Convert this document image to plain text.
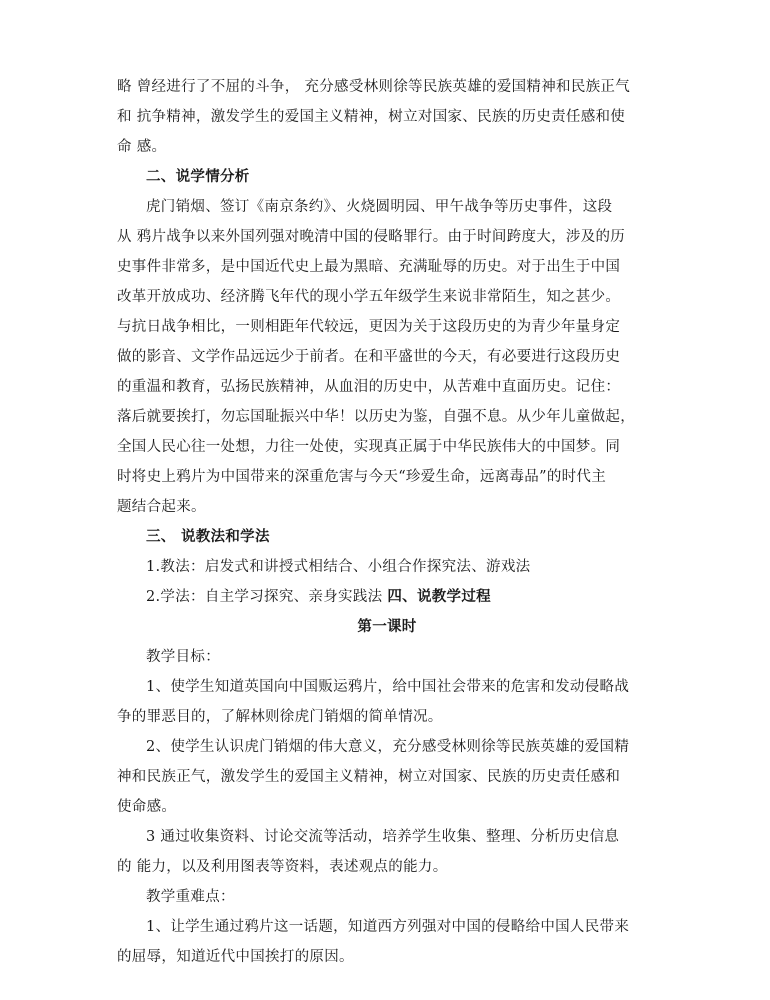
略 曾经进行了不屈的斗争， 充分感受林则徐等民族英雄的爱国精神和民族正气
和 抗争精神，激发学生的爱国主义精神，树立对国家、民族的历史责任感和使
命 感。
二、说学情分析
虎门销烟、签订《南京条约》、火烧圆明园、甲午战争等历史事件，这段
从 鸦片战争以来外国列强对晚清中国的侵略罪行。由于时间跨度大，涉及的历
史事件非常多，是中国近代史上最为黑暗、充满耻辱的历史。对于出生于中国
改革开放成功、经济腾飞年代的现小学五年级学生来说非常陌生，知之甚少。
与抗日战争相比，一则相距年代较远，更因为关于这段历史的为青少年量身定
做的影音、文学作品远远少于前者。在和平盛世的今天，有必要进行这段历史
的重温和教育，弘扬民族精神，从血泪的历史中，从苦难中直面历史。记住：
落后就要挨打，勿忘国耻振兴中华！以历史为鉴，自强不息。从少年儿童做起，
全国人民心往一处想，力往一处使，实现真正属于中华民族伟大的中国梦。同
时将史上鸦片为中国带来的深重危害与今天“珍爱生命，远离毒品”的时代主
题结合起来。
三、 说教法和学法
1.教法：启发式和讲授式相结合、小组合作探究法、游戏法
2.学法：自主学习探究、亲身实践法 四、说教学过程
第一课时
教学目标：
1、使学生知道英国向中国贩运鸦片，给中国社会带来的危害和发动侵略战
争的罪恶目的，了解林则徐虎门销烟的简单情况。
2、使学生认识虎门销烟的伟大意义，充分感受林则徐等民族英雄的爱国精
神和民族正气，激发学生的爱国主义精神，树立对国家、民族的历史责任感和
使命感。
3 通过收集资料、讨论交流等活动，培养学生收集、整理、分析历史信息
的 能力，以及利用图表等资料，表述观点的能力。
教学重难点：
1、让学生通过鸦片这一话题，知道西方列强对中国的侵略给中国人民带来
的屈辱，知道近代中国挨打的原因。
